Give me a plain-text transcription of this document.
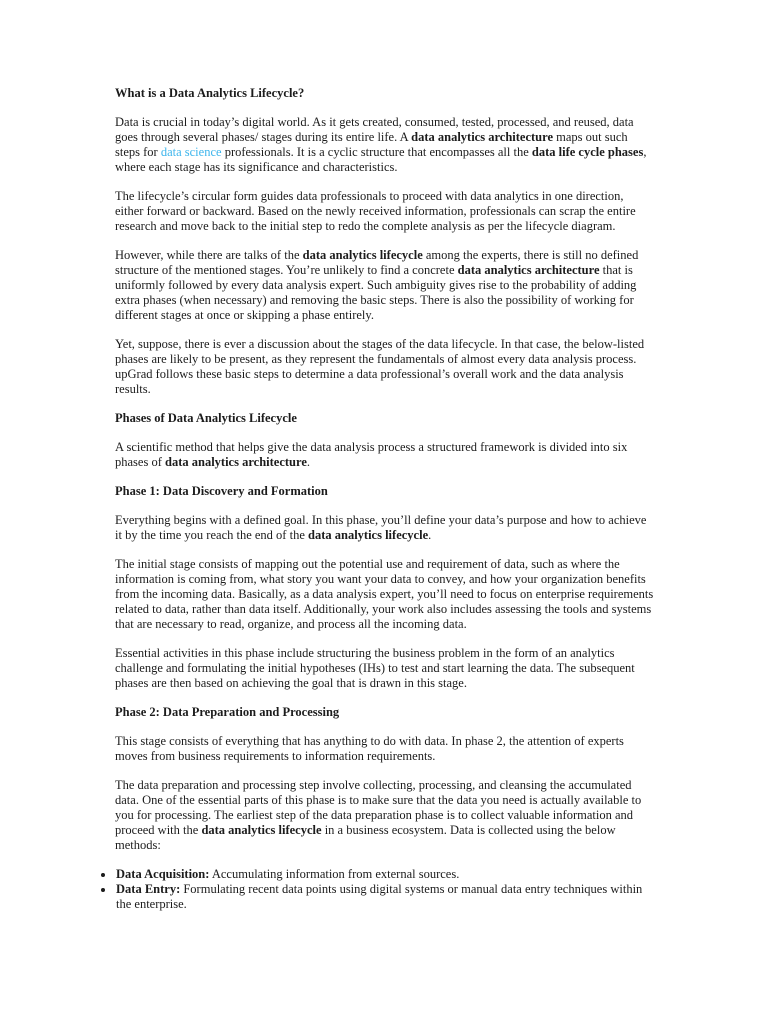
What is a Data Analytics Lifecycle?

Data is crucial in today’s digital world. As it gets created, consumed, tested, processed, and reused, data goes through several phases/ stages during its entire life. A data analytics architecture maps out such steps for data science professionals. It is a cyclic structure that encompasses all the data life cycle phases, where each stage has its significance and characteristics.

The lifecycle’s circular form guides data professionals to proceed with data analytics in one direction, either forward or backward. Based on the newly received information, professionals can scrap the entire research and move back to the initial step to redo the complete analysis as per the lifecycle diagram.

However, while there are talks of the data analytics lifecycle among the experts, there is still no defined structure of the mentioned stages. You’re unlikely to find a concrete data analytics architecture that is uniformly followed by every data analysis expert. Such ambiguity gives rise to the probability of adding extra phases (when necessary) and removing the basic steps. There is also the possibility of working for different stages at once or skipping a phase entirely.

Yet, suppose, there is ever a discussion about the stages of the data lifecycle. In that case, the below-listed phases are likely to be present, as they represent the fundamentals of almost every data analysis process. upGrad follows these basic steps to determine a data professional’s overall work and the data analysis results.

Phases of Data Analytics Lifecycle

A scientific method that helps give the data analysis process a structured framework is divided into six phases of data analytics architecture.

Phase 1: Data Discovery and Formation

Everything begins with a defined goal. In this phase, you’ll define your data’s purpose and how to achieve it by the time you reach the end of the data analytics lifecycle.

The initial stage consists of mapping out the potential use and requirement of data, such as where the information is coming from, what story you want your data to convey, and how your organization benefits from the incoming data. Basically, as a data analysis expert, you’ll need to focus on enterprise requirements related to data, rather than data itself. Additionally, your work also includes assessing the tools and systems that are necessary to read, organize, and process all the incoming data.

Essential activities in this phase include structuring the business problem in the form of an analytics challenge and formulating the initial hypotheses (IHs) to test and start learning the data. The subsequent phases are then based on achieving the goal that is drawn in this stage.

Phase 2: Data Preparation and Processing

This stage consists of everything that has anything to do with data. In phase 2, the attention of experts moves from business requirements to information requirements.

The data preparation and processing step involve collecting, processing, and cleansing the accumulated data. One of the essential parts of this phase is to make sure that the data you need is actually available to you for processing. The earliest step of the data preparation phase is to collect valuable information and proceed with the data analytics lifecycle in a business ecosystem. Data is collected using the below methods:

• Data Acquisition: Accumulating information from external sources.
• Data Entry: Formulating recent data points using digital systems or manual data entry techniques within the enterprise.
